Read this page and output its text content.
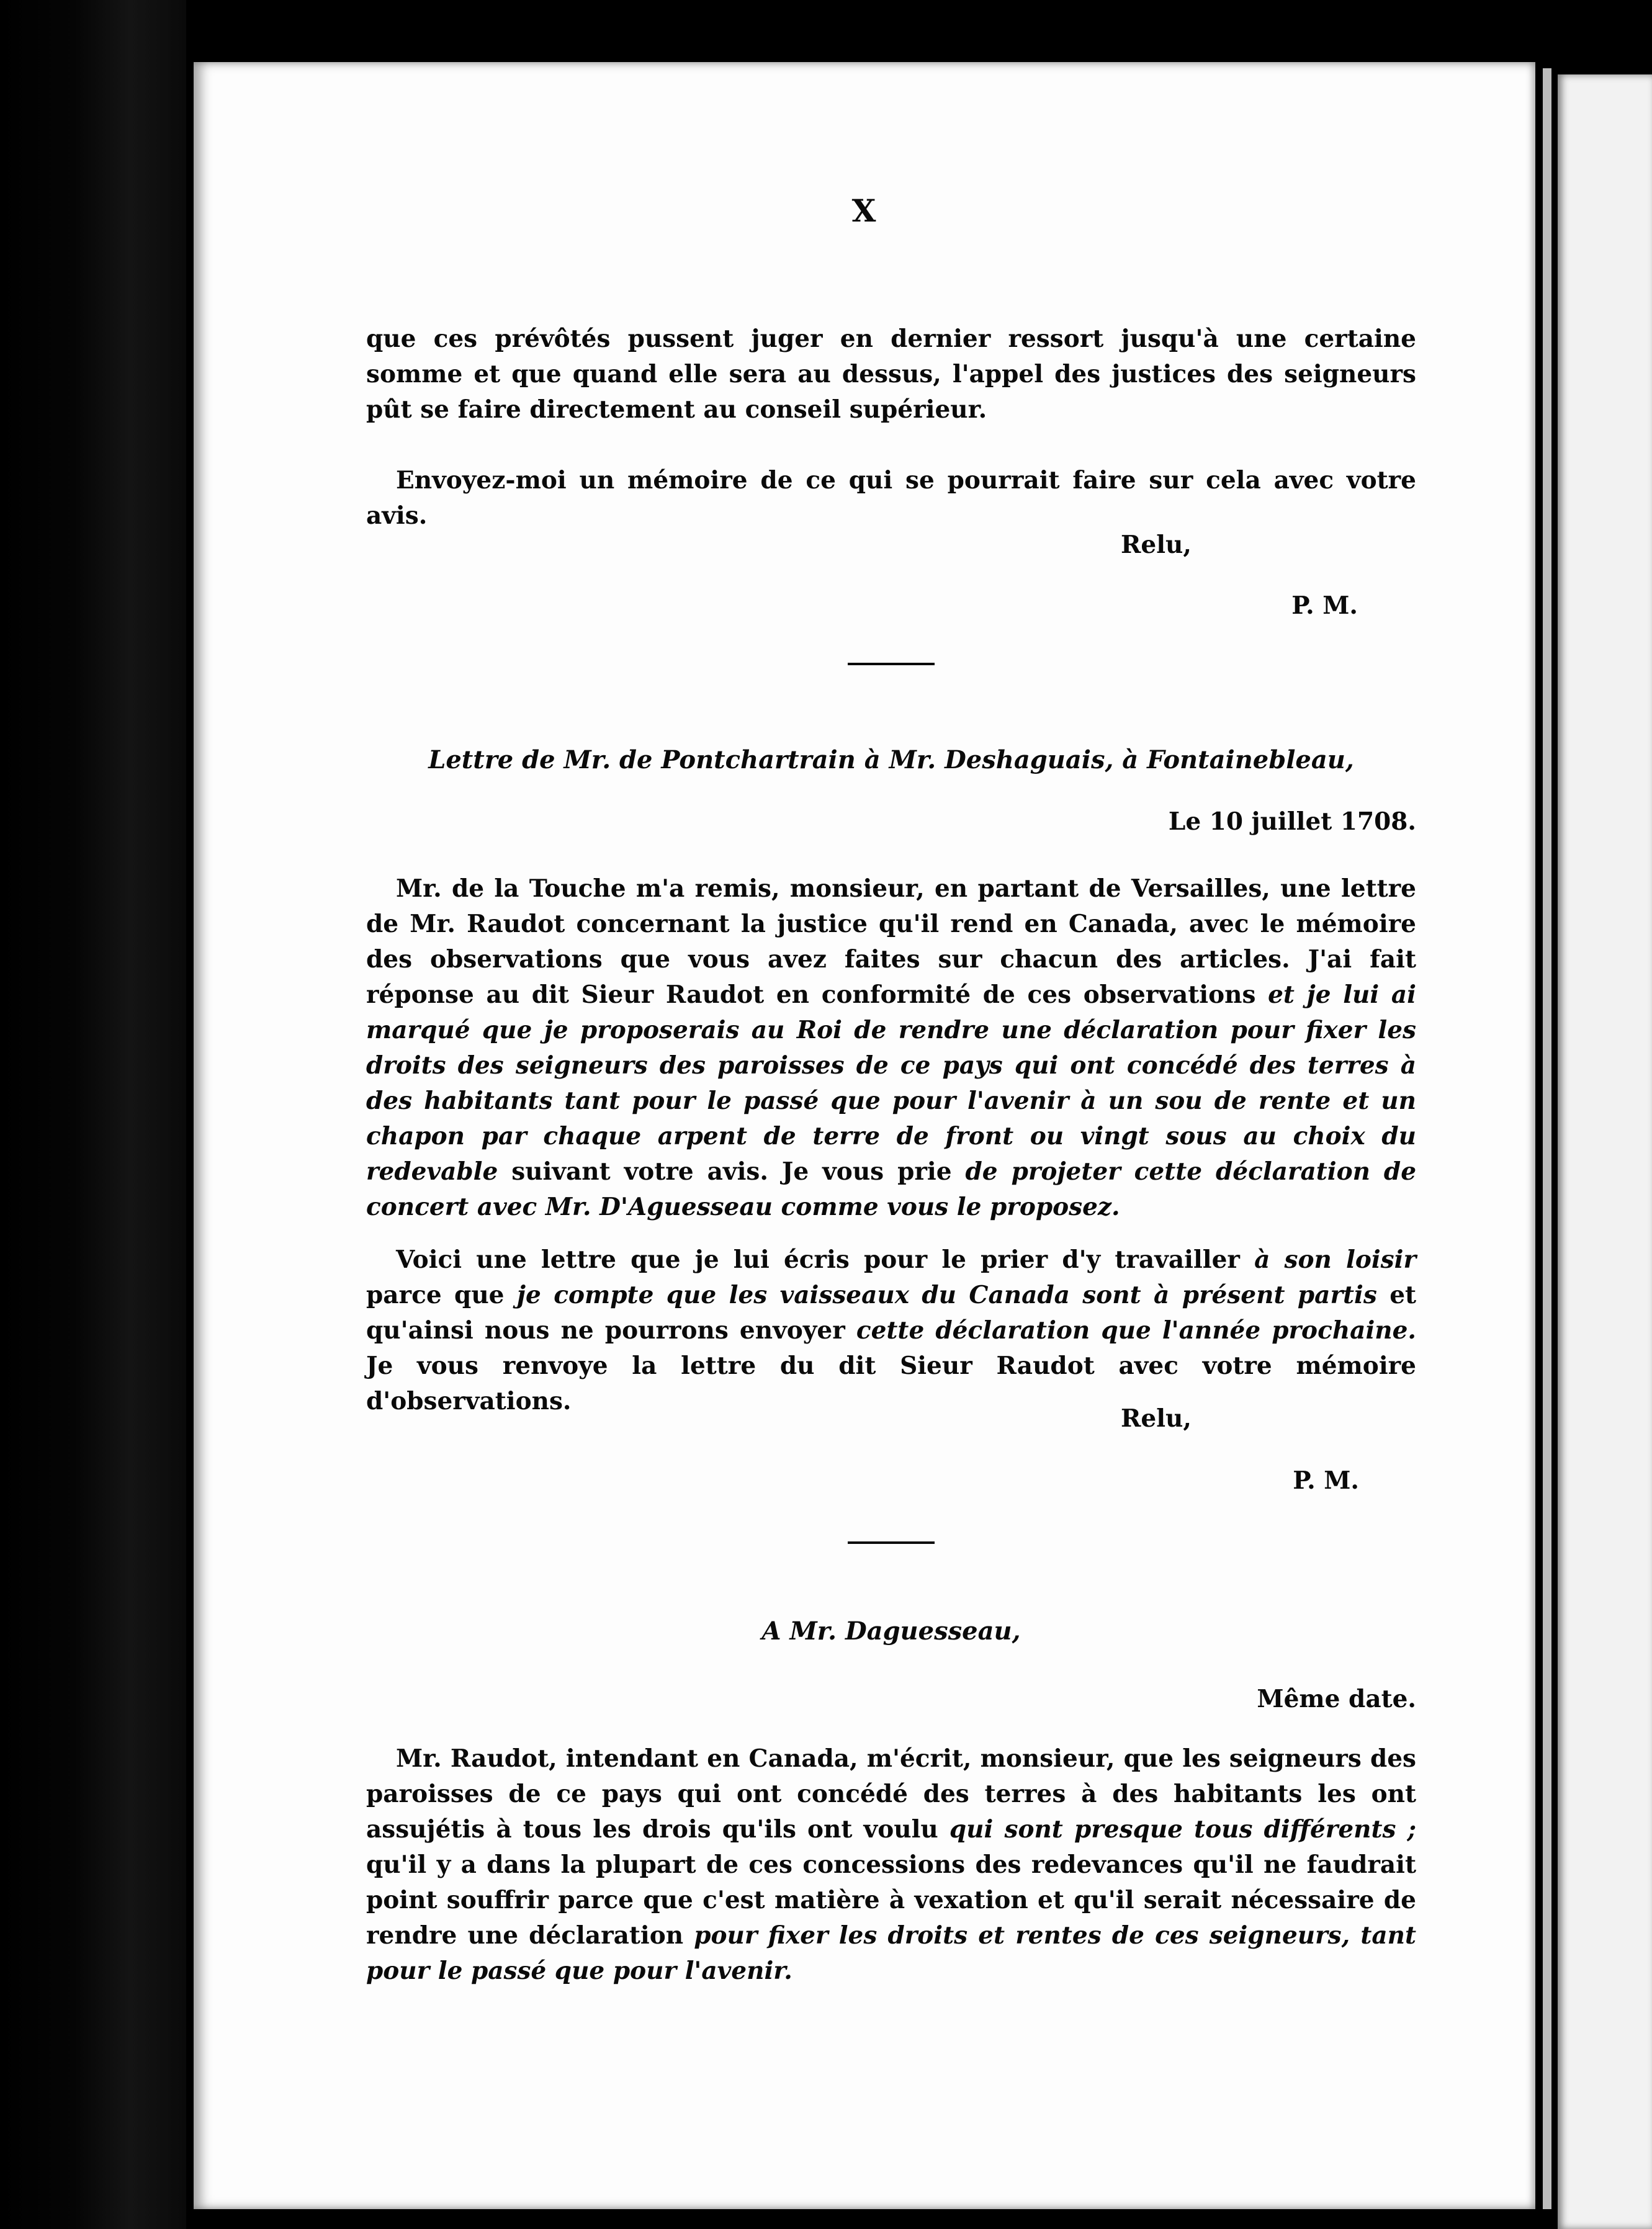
X

que ces prévôtés pussent juger en dernier ressort jusqu'à une certaine somme et que quand elle sera au dessus, l'appel des justices des seigneurs pût se faire directement au conseil supérieur.

Envoyez-moi un mémoire de ce qui se pourrait faire sur cela avec votre avis.

Relu,

P. M.

Lettre de Mr. de Pontchartrain à Mr. Deshaguais, à Fontainebleau,

Le 10 juillet 1708.

Mr. de la Touche m'a remis, monsieur, en partant de Versailles, une lettre de Mr. Raudot concernant la justice qu'il rend en Canada, avec le mémoire des observations que vous avez faites sur chacun des articles. J'ai fait réponse au dit Sieur Raudot en conformité de ces observations et je lui ai marqué que je proposerais au Roi de rendre une déclaration pour fixer les droits des seigneurs des paroisses de ce pays qui ont concédé des terres à des habitants tant pour le passé que pour l'avenir à un sou de rente et un chapon par chaque arpent de terre de front ou vingt sous au choix du redevable suivant votre avis. Je vous prie de projeter cette déclaration de concert avec Mr. D'Aguesseau comme vous le proposez.

Voici une lettre que je lui écris pour le prier d'y travailler à son loisir parce que je compte que les vaisseaux du Canada sont à présent partis et qu'ainsi nous ne pourrons envoyer cette déclaration que l'année prochaine. Je vous renvoye la lettre du dit Sieur Raudot avec votre mémoire d'observations.

Relu,

P. M.

A Mr. Daguesseau,

Même date.

Mr. Raudot, intendant en Canada, m'écrit, monsieur, que les seigneurs des paroisses de ce pays qui ont concédé des terres à des habitants les ont assujétis à tous les drois qu'ils ont voulu qui sont presque tous différents ; qu'il y a dans la plupart de ces concessions des redevances qu'il ne faudrait point souffrir parce que c'est matière à vexation et qu'il serait nécessaire de rendre une déclaration pour fixer les droits et rentes de ces seigneurs, tant pour le passé que pour l'avenir.
